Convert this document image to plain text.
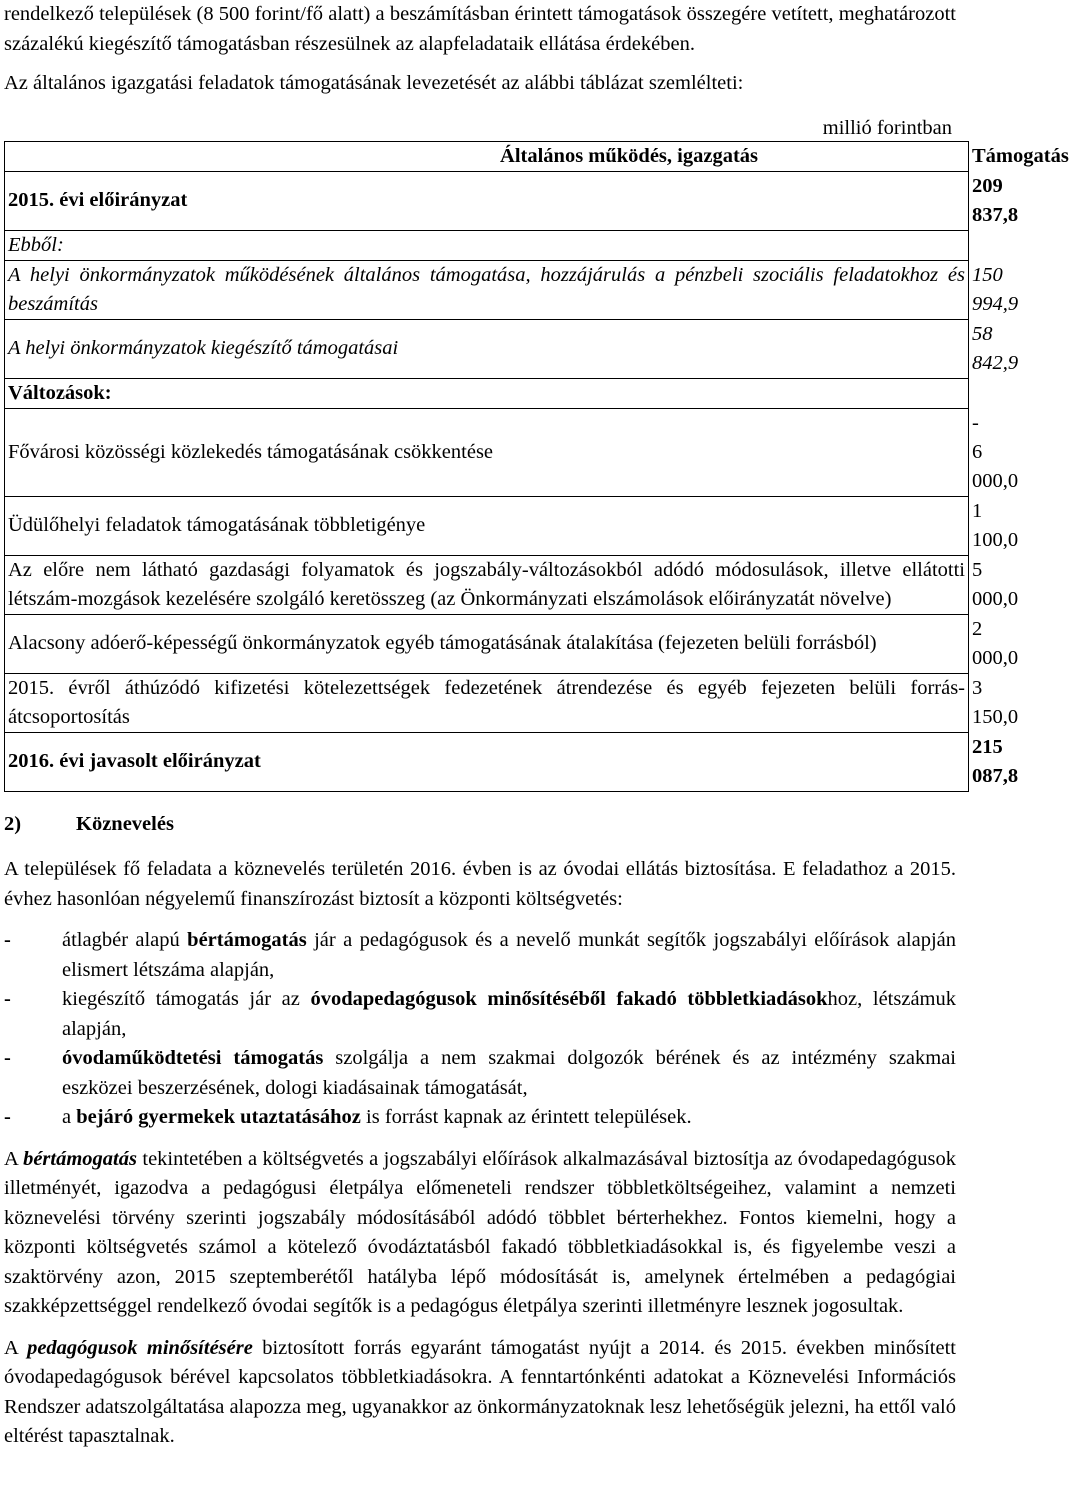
rendelkező települések (8 500 forint/fő alatt) a beszámításban érintett támogatások összegére vetített, meghatározott százalékú kiegészítő támogatásban részesülnek az alapfeladataik ellátása érdekében.

Az általános igazgatási feladatok támogatásának levezetését az alábbi táblázat szemlélteti:

millió forintban
Általános működés, igazgatás	Támogatás
2015. évi előirányzat	209 837,8
Ebből:	
A helyi önkormányzatok működésének általános támogatása, hozzájárulás a pénzbeli szociális feladatokhoz és beszámítás	150 994,9
A helyi önkormányzatok kiegészítő támogatásai	58 842,9
Változások:	
Fővárosi közösségi közlekedés támogatásának csökkentése	- 6 000,0
Üdülőhelyi feladatok támogatásának többletigénye	1 100,0
Az előre nem látható gazdasági folyamatok és jogszabály-változásokból adódó módosulások, illetve ellátotti létszám-mozgások kezelésére szolgáló keretösszeg (az Önkormányzati elszámolások előirányzatát növelve)	5 000,0
Alacsony adóerő-képességű önkormányzatok egyéb támogatásának átalakítása (fejezeten belüli forrásból)	2 000,0
2015. évről áthúzódó kifizetési kötelezettségek fedezetének átrendezése és egyéb fejezeten belüli forrás-átcsoportosítás	3 150,0
2016. évi javasolt előirányzat	215 087,8
2)	Köznevelés

A települések fő feladata a köznevelés területén 2016. évben is az óvodai ellátás biztosítása. E feladathoz a 2015. évhez hasonlóan négyelemű finanszírozást biztosít a központi költségvetés:

-	átlagbér alapú bértámogatás jár a pedagógusok és a nevelő munkát segítők jogszabályi előírások alapján elismert létszáma alapján,
-	kiegészítő támogatás jár az óvodapedagógusok minősítéséből fakadó többletkiadásokhoz, létszámuk alapján,
-	óvodaműködtetési támogatás szolgálja a nem szakmai dolgozók bérének és az intézmény szakmai eszközei beszerzésének, dologi kiadásainak támogatását,
-	a bejáró gyermekek utaztatásához is forrást kapnak az érintett települések.

A bértámogatás tekintetében a költségvetés a jogszabályi előírások alkalmazásával biztosítja az óvodapedagógusok illetményét, igazodva a pedagógusi életpálya előmeneteli rendszer többletköltségeihez, valamint a nemzeti köznevelési törvény szerinti jogszabály módosításából adódó többlet bérterhekhez. Fontos kiemelni, hogy a központi költségvetés számol a kötelező óvodáztatásból fakadó többletkiadásokkal is, és figyelembe veszi a szaktörvény azon, 2015 szeptemberétől hatályba lépő módosítását is, amelynek értelmében a pedagógiai szakképzettséggel rendelkező óvodai segítők is a pedagógus életpálya szerinti illetményre lesznek jogosultak.

A pedagógusok minősítésére biztosított forrás egyaránt támogatást nyújt a 2014. és 2015. években minősített óvodapedagógusok bérével kapcsolatos többletkiadásokra. A fenntartónkénti adatokat a Köznevelési Információs Rendszer adatszolgáltatása alapozza meg, ugyanakkor az önkormányzatoknak lesz lehetőségük jelezni, ha ettől való eltérést tapasztalnak.
